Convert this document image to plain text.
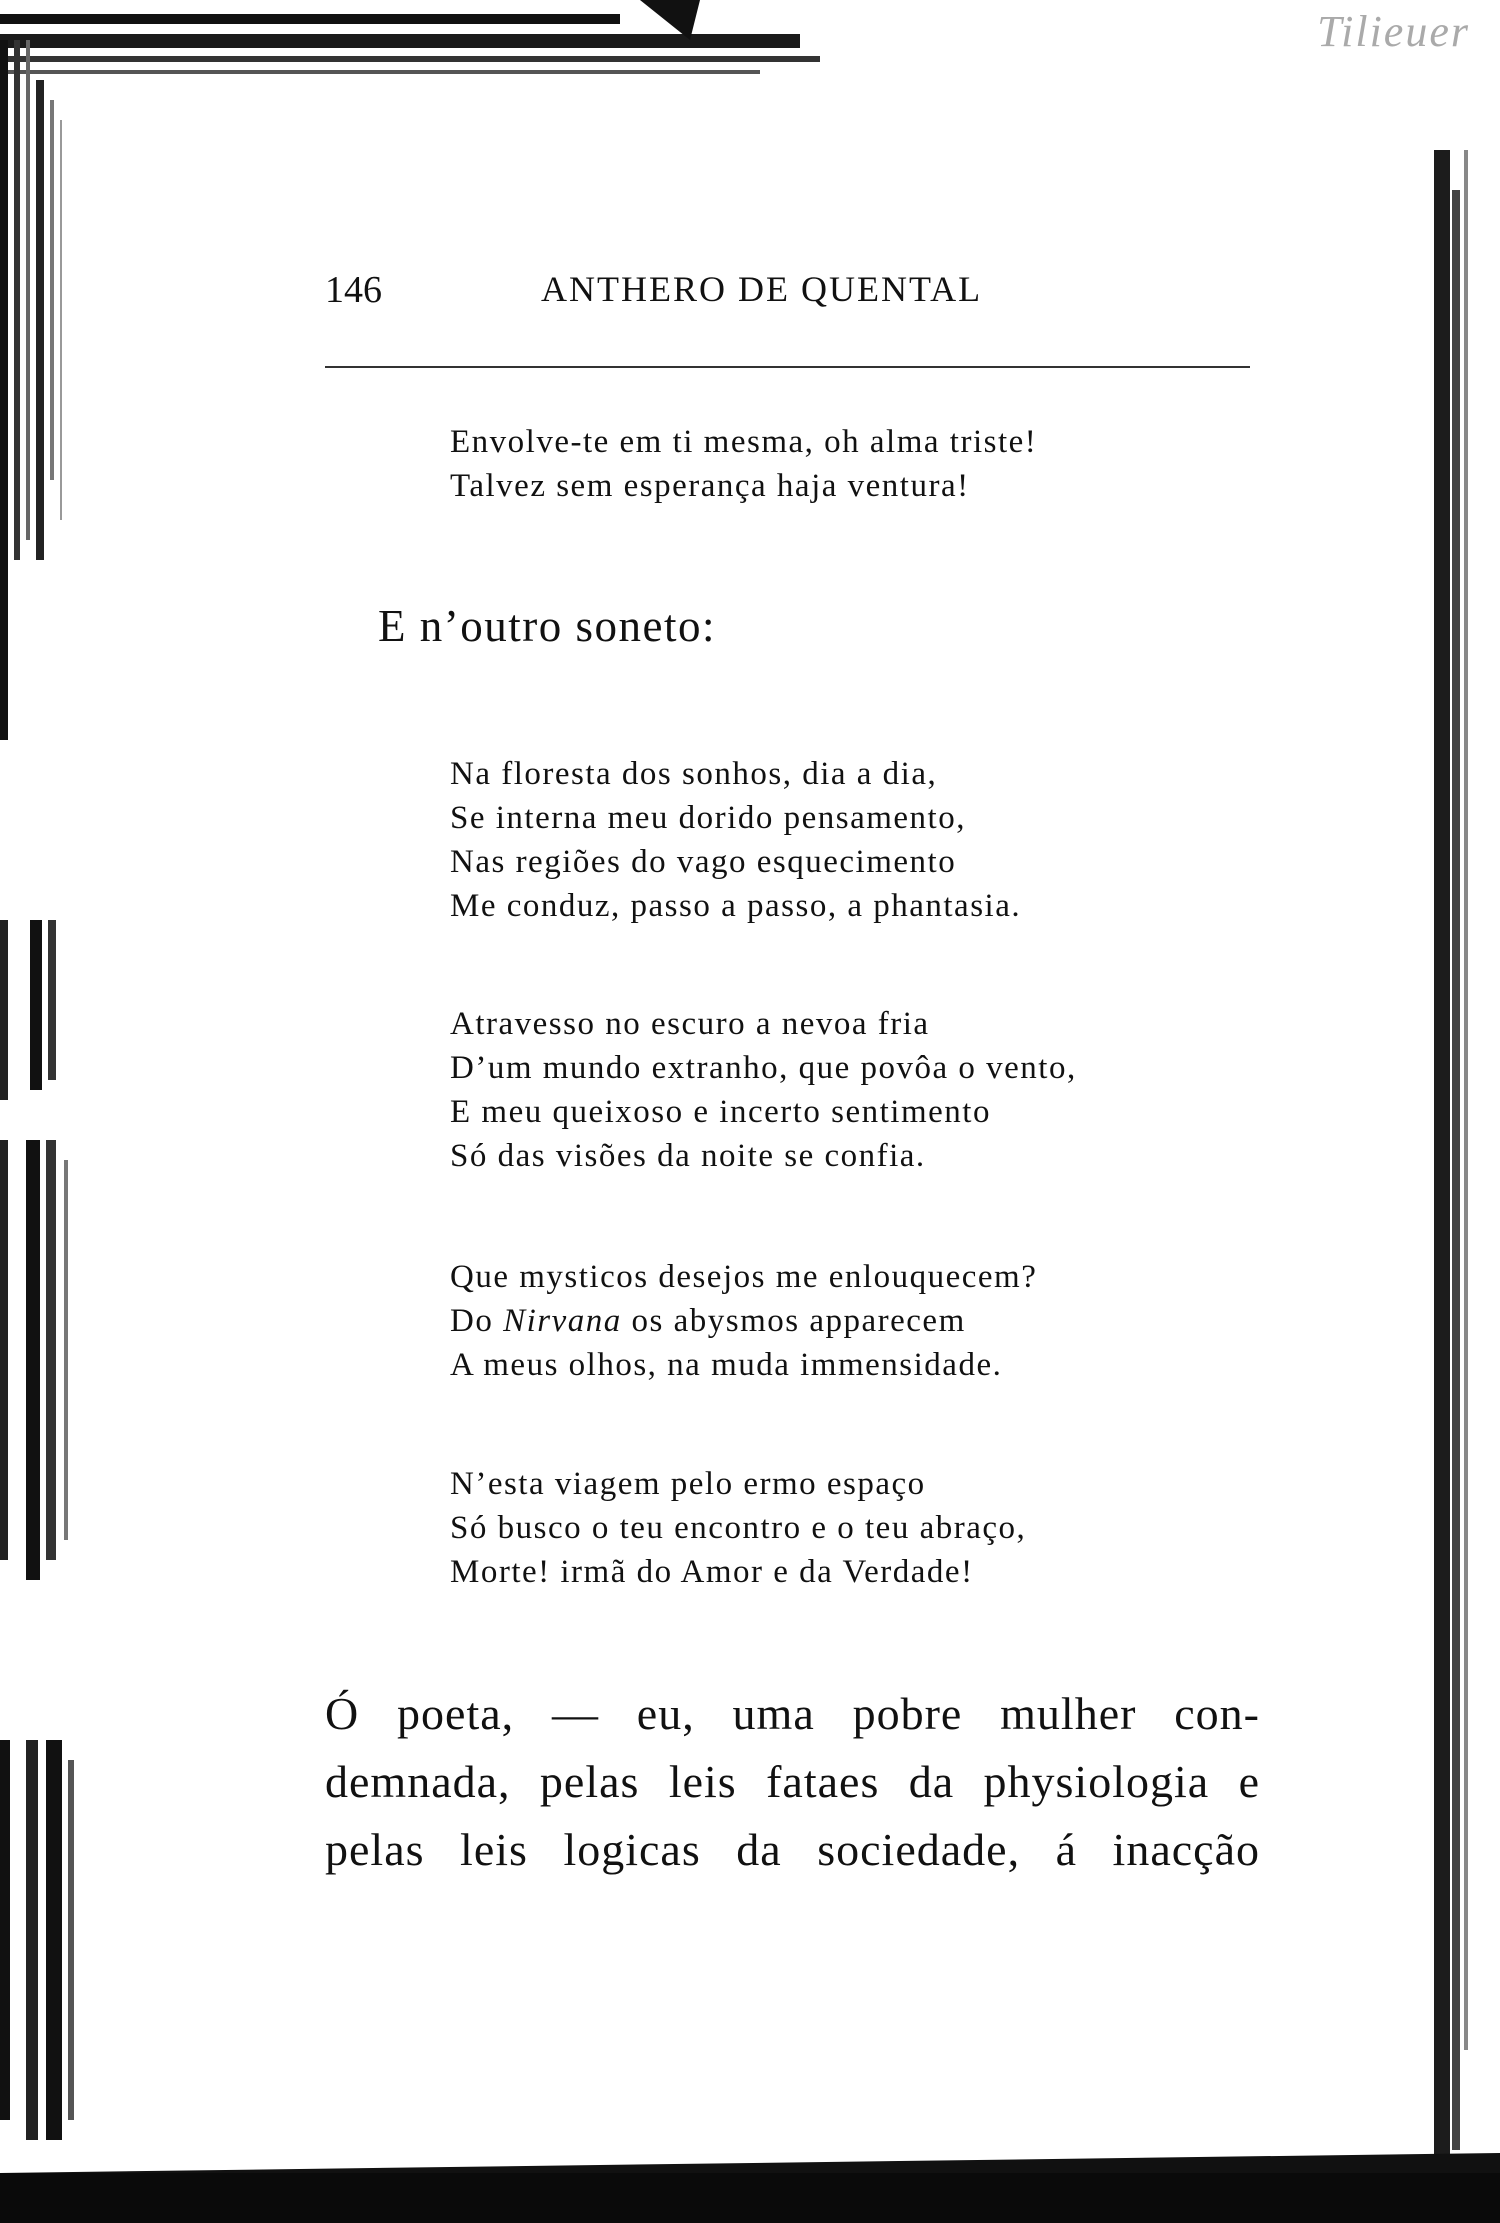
Tilieuer
146	ANTHERO DE QUENTAL
Envolve-te em ti mesma, oh alma triste!
Talvez sem esperança haja ventura!
E n’outro soneto:
Na floresta dos sonhos, dia a dia,
Se interna meu dorido pensamento,
Nas regiões do vago esquecimento
Me conduz, passo a passo, a phantasia.
Atravesso no escuro a nevoa fria
D’um mundo extranho, que povôa o vento,
E meu queixoso e incerto sentimento
Só das visões da noite se confia.
Que mysticos desejos me enlouquecem?
Do Nirvana os abysmos apparecem
A meus olhos, na muda immensidade.
N’esta viagem pelo ermo espaço
Só busco o teu encontro e o teu abraço,
Morte! irmã do Amor e da Verdade!
Ó poeta, — eu, uma pobre mulher con-
demnada, pelas leis fataes da physiologia e
pelas leis logicas da sociedade, á inacção
